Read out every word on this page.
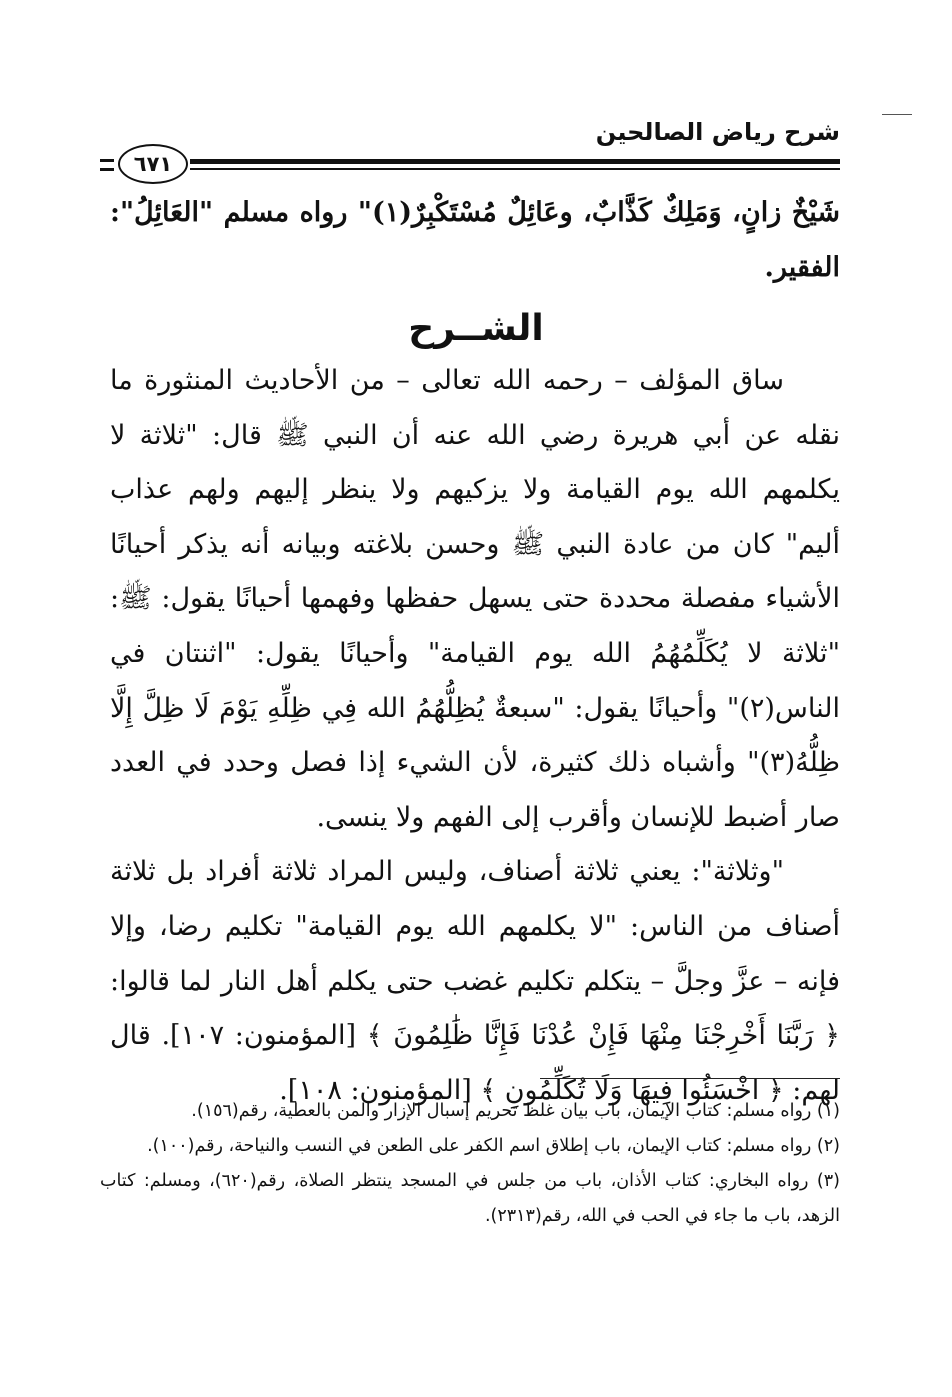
شرح رياض الصالحين
٦٧١

شَيْخٌ زانٍ، وَمَلِكٌ كَذَّابٌ، وعَائِلٌ مُسْتَكْبِرٌ(١)" رواه مسلم "العَائِلُ": الفقير.

الشــرح

ساق المؤلف – رحمه الله تعالى – من الأحاديث المنثورة ما نقله عن أبي هريرة رضي الله عنه أن النبي ﷺ قال: "ثلاثة لا يكلمهم الله يوم القيامة ولا يزكيهم ولا ينظر إليهم ولهم عذاب أليم" كان من عادة النبي ﷺ وحسن بلاغته وبيانه أنه يذكر أحيانًا الأشياء مفصلة محددة حتى يسهل حفظها وفهمها أحيانًا يقول: ﷺ: "ثلاثة لا يُكَلِّمُهُمُ الله يوم القيامة" وأحيانًا يقول: "اثنتان في الناس(٢)" وأحيانًا يقول: "سبعةٌ يُظِلُّهُمُ الله فِي ظِلِّهِ يَوْمَ لَا ظِلَّ إِلَّا ظِلُّهُ(٣)" وأشباه ذلك كثيرة، لأن الشيء إذا فصل وحدد في العدد صار أضبط للإنسان وأقرب إلى الفهم ولا ينسى.

"وثلاثة": يعني ثلاثة أصناف، وليس المراد ثلاثة أفراد بل ثلاثة أصناف من الناس: "لا يكلمهم الله يوم القيامة" تكليم رضا، وإلا فإنه – عزَّ وجلَّ – يتكلم تكليم غضب حتى يكلم أهل النار لما قالوا: ﴿ رَبَّنَا أَخْرِجْنَا مِنْهَا فَإِنْ عُدْنَا فَإِنَّا ظَٰلِمُونَ ﴾ [المؤمنون: ١٠٧]. قال لهم: ﴿ اخْسَئُوا فِيهَا وَلَا تُكَلِّمُونِ ﴾ [المؤمنون: ١٠٨].

(١) رواه مسلم: كتاب الإيمان، باب بيان غلظ تحريم إسبال الإزار والمن بالعطية، رقم(١٥٦).

(٢) رواه مسلم: كتاب الإيمان، باب إطلاق اسم الكفر على الطعن في النسب والنياحة، رقم(١٠٠).

(٣) رواه البخاري: كتاب الأذان، باب من جلس في المسجد ينتظر الصلاة، رقم(٦٢٠)، ومسلم: كتاب الزهد، باب ما جاء في الحب في الله، رقم(٢٣١٣).
